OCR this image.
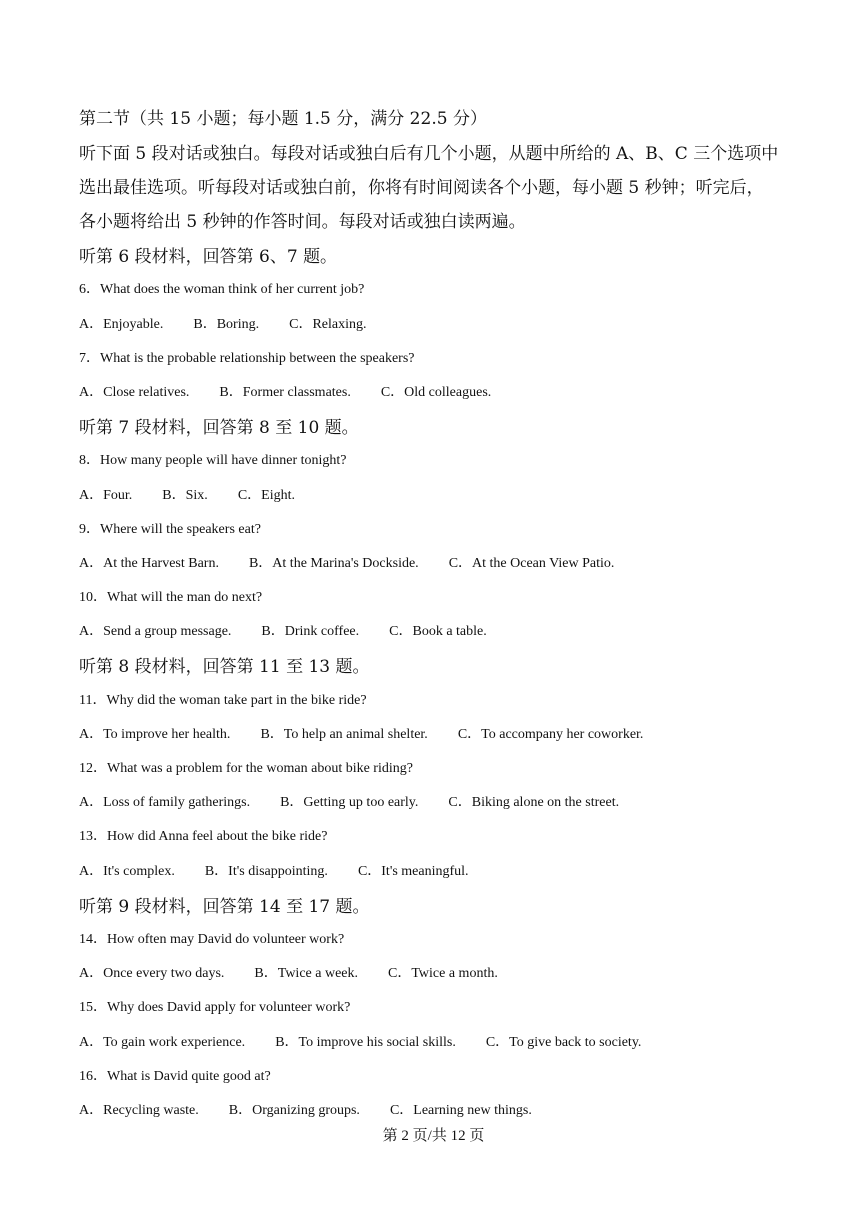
第二节（共 15 小题；每小题 1.5 分，满分 22.5 分）
听下面 5 段对话或独白。每段对话或独白后有几个小题，从题中所给的 A、B、C 三个选项中
选出最佳选项。听每段对话或独白前，你将有时间阅读各个小题，每小题 5 秒钟；听完后，
各小题将给出 5 秒钟的作答时间。每段对话或独白读两遍。
听第 6 段材料，回答第 6、7 题。
6．What does the woman think of her current job?
A．Enjoyable. B．Boring. C．Relaxing.
7．What is the probable relationship between the speakers?
A．Close relatives. B．Former classmates. C．Old colleagues.
听第 7 段材料，回答第 8 至 10 题。
8．How many people will have dinner tonight?
A．Four. B．Six. C．Eight.
9．Where will the speakers eat?
A．At the Harvest Barn. B．At the Marina's Dockside. C．At the Ocean View Patio.
10．What will the man do next?
A．Send a group message. B．Drink coffee. C．Book a table.
听第 8 段材料，回答第 11 至 13 题。
11．Why did the woman take part in the bike ride?
A．To improve her health. B．To help an animal shelter. C．To accompany her coworker.
12．What was a problem for the woman about bike riding?
A．Loss of family gatherings. B．Getting up too early. C．Biking alone on the street.
13．How did Anna feel about the bike ride?
A．It's complex. B．It's disappointing. C．It's meaningful.
听第 9 段材料，回答第 14 至 17 题。
14．How often may David do volunteer work?
A．Once every two days. B．Twice a week. C．Twice a month.
15．Why does David apply for volunteer work?
A．To gain work experience. B．To improve his social skills. C．To give back to society.
16．What is David quite good at?
A．Recycling waste. B．Organizing groups. C．Learning new things.
第 2 页/共 12 页
